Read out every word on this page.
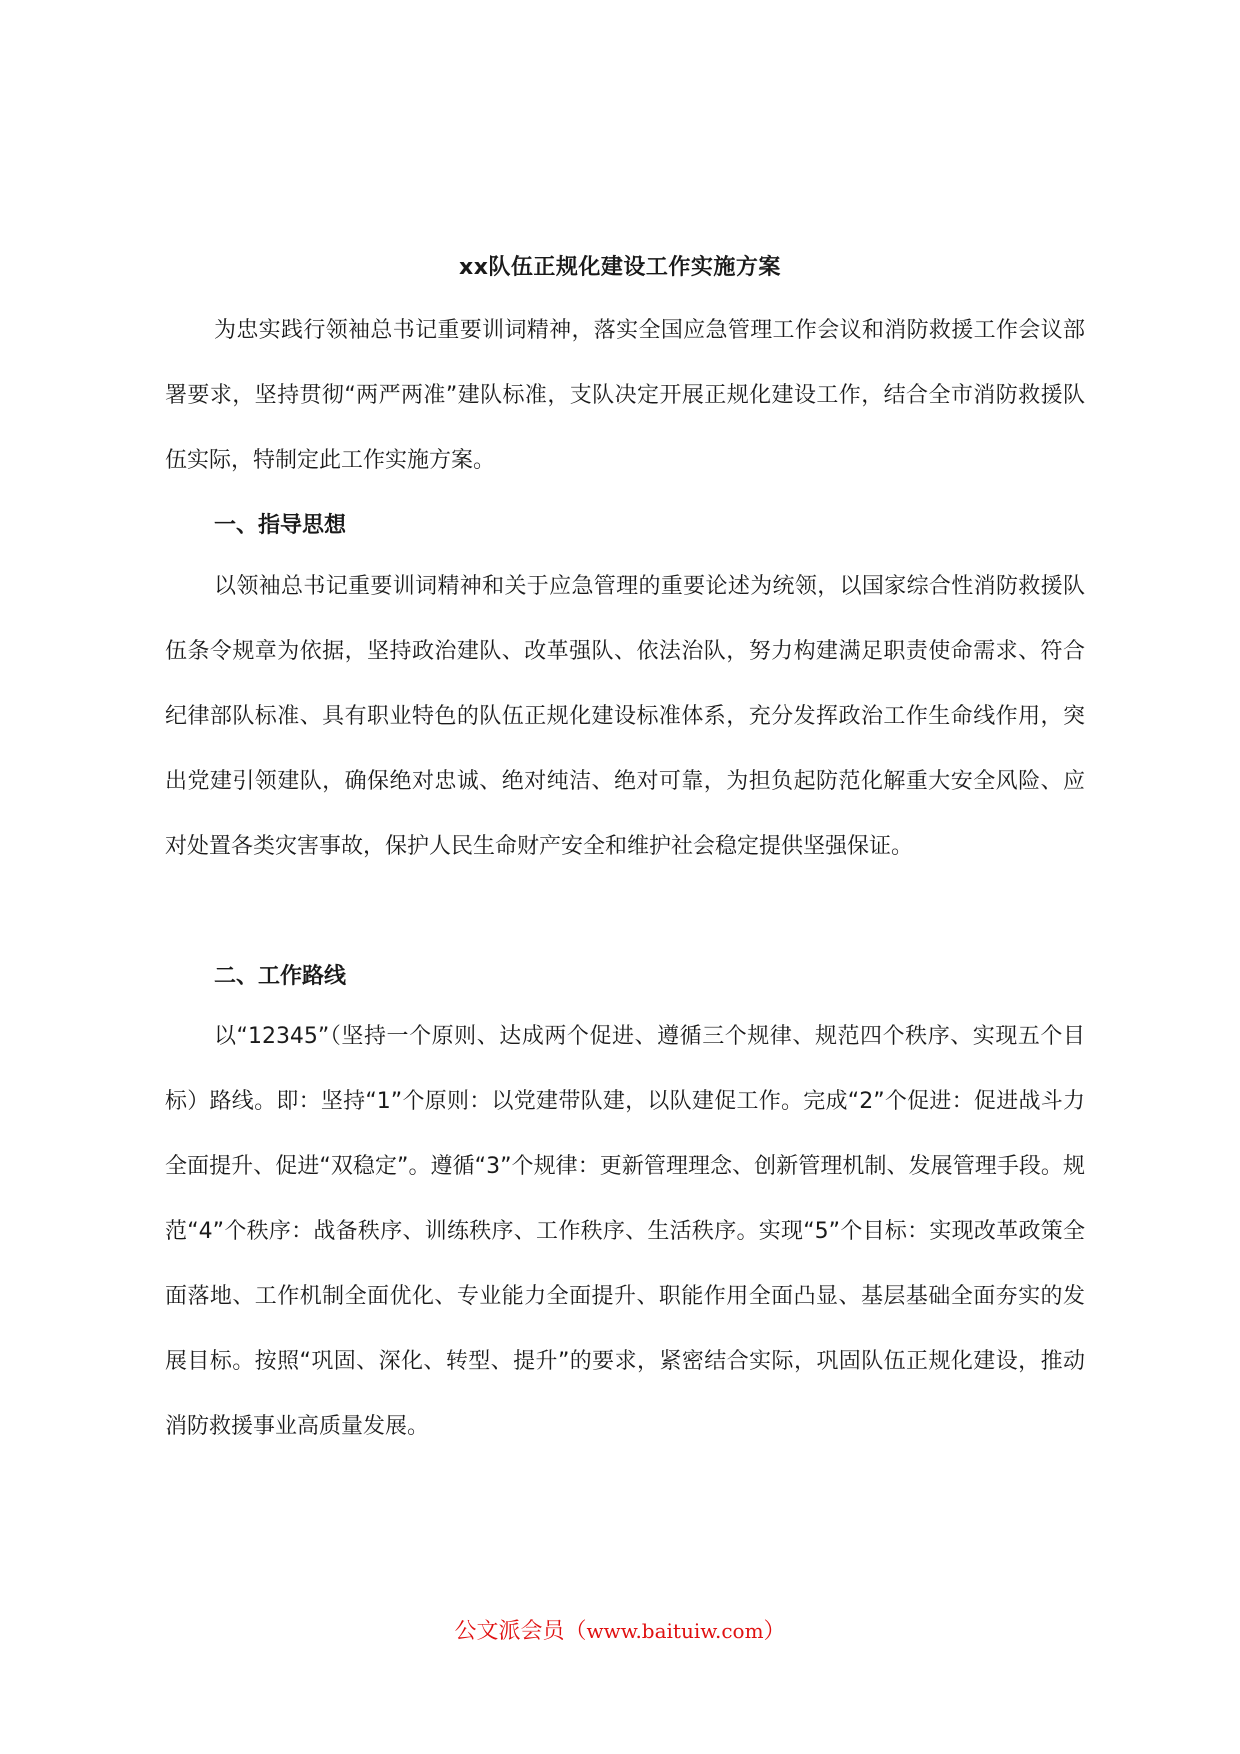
xx队伍正规化建设工作实施方案

为忠实践行领袖总书记重要训词精神，落实全国应急管理工作会议和消防救援工作会议部署要求，坚持贯彻“两严两准”建队标准，支队决定开展正规化建设工作，结合全市消防救援队伍实际，特制定此工作实施方案。

一、指导思想

以领袖总书记重要训词精神和关于应急管理的重要论述为统领，以国家综合性消防救援队伍条令规章为依据，坚持政治建队、改革强队、依法治队，努力构建满足职责使命需求、符合纪律部队标准、具有职业特色的队伍正规化建设标准体系，充分发挥政治工作生命线作用，突出党建引领建队，确保绝对忠诚、绝对纯洁、绝对可靠，为担负起防范化解重大安全风险、应对处置各类灾害事故，保护人民生命财产安全和维护社会稳定提供坚强保证。

二、工作路线

以“12345”（坚持一个原则、达成两个促进、遵循三个规律、规范四个秩序、实现五个目标）路线。即：坚持“1”个原则：以党建带队建，以队建促工作。完成“2”个促进：促进战斗力全面提升、促进“双稳定”。遵循“3”个规律：更新管理理念、创新管理机制、发展管理手段。规范“4”个秩序：战备秩序、训练秩序、工作秩序、生活秩序。实现“5”个目标：实现改革政策全面落地、工作机制全面优化、专业能力全面提升、职能作用全面凸显、基层基础全面夯实的发展目标。按照“巩固、深化、转型、提升”的要求，紧密结合实际，巩固队伍正规化建设，推动消防救援事业高质量发展。

公文派会员（www.baituiw.com）
